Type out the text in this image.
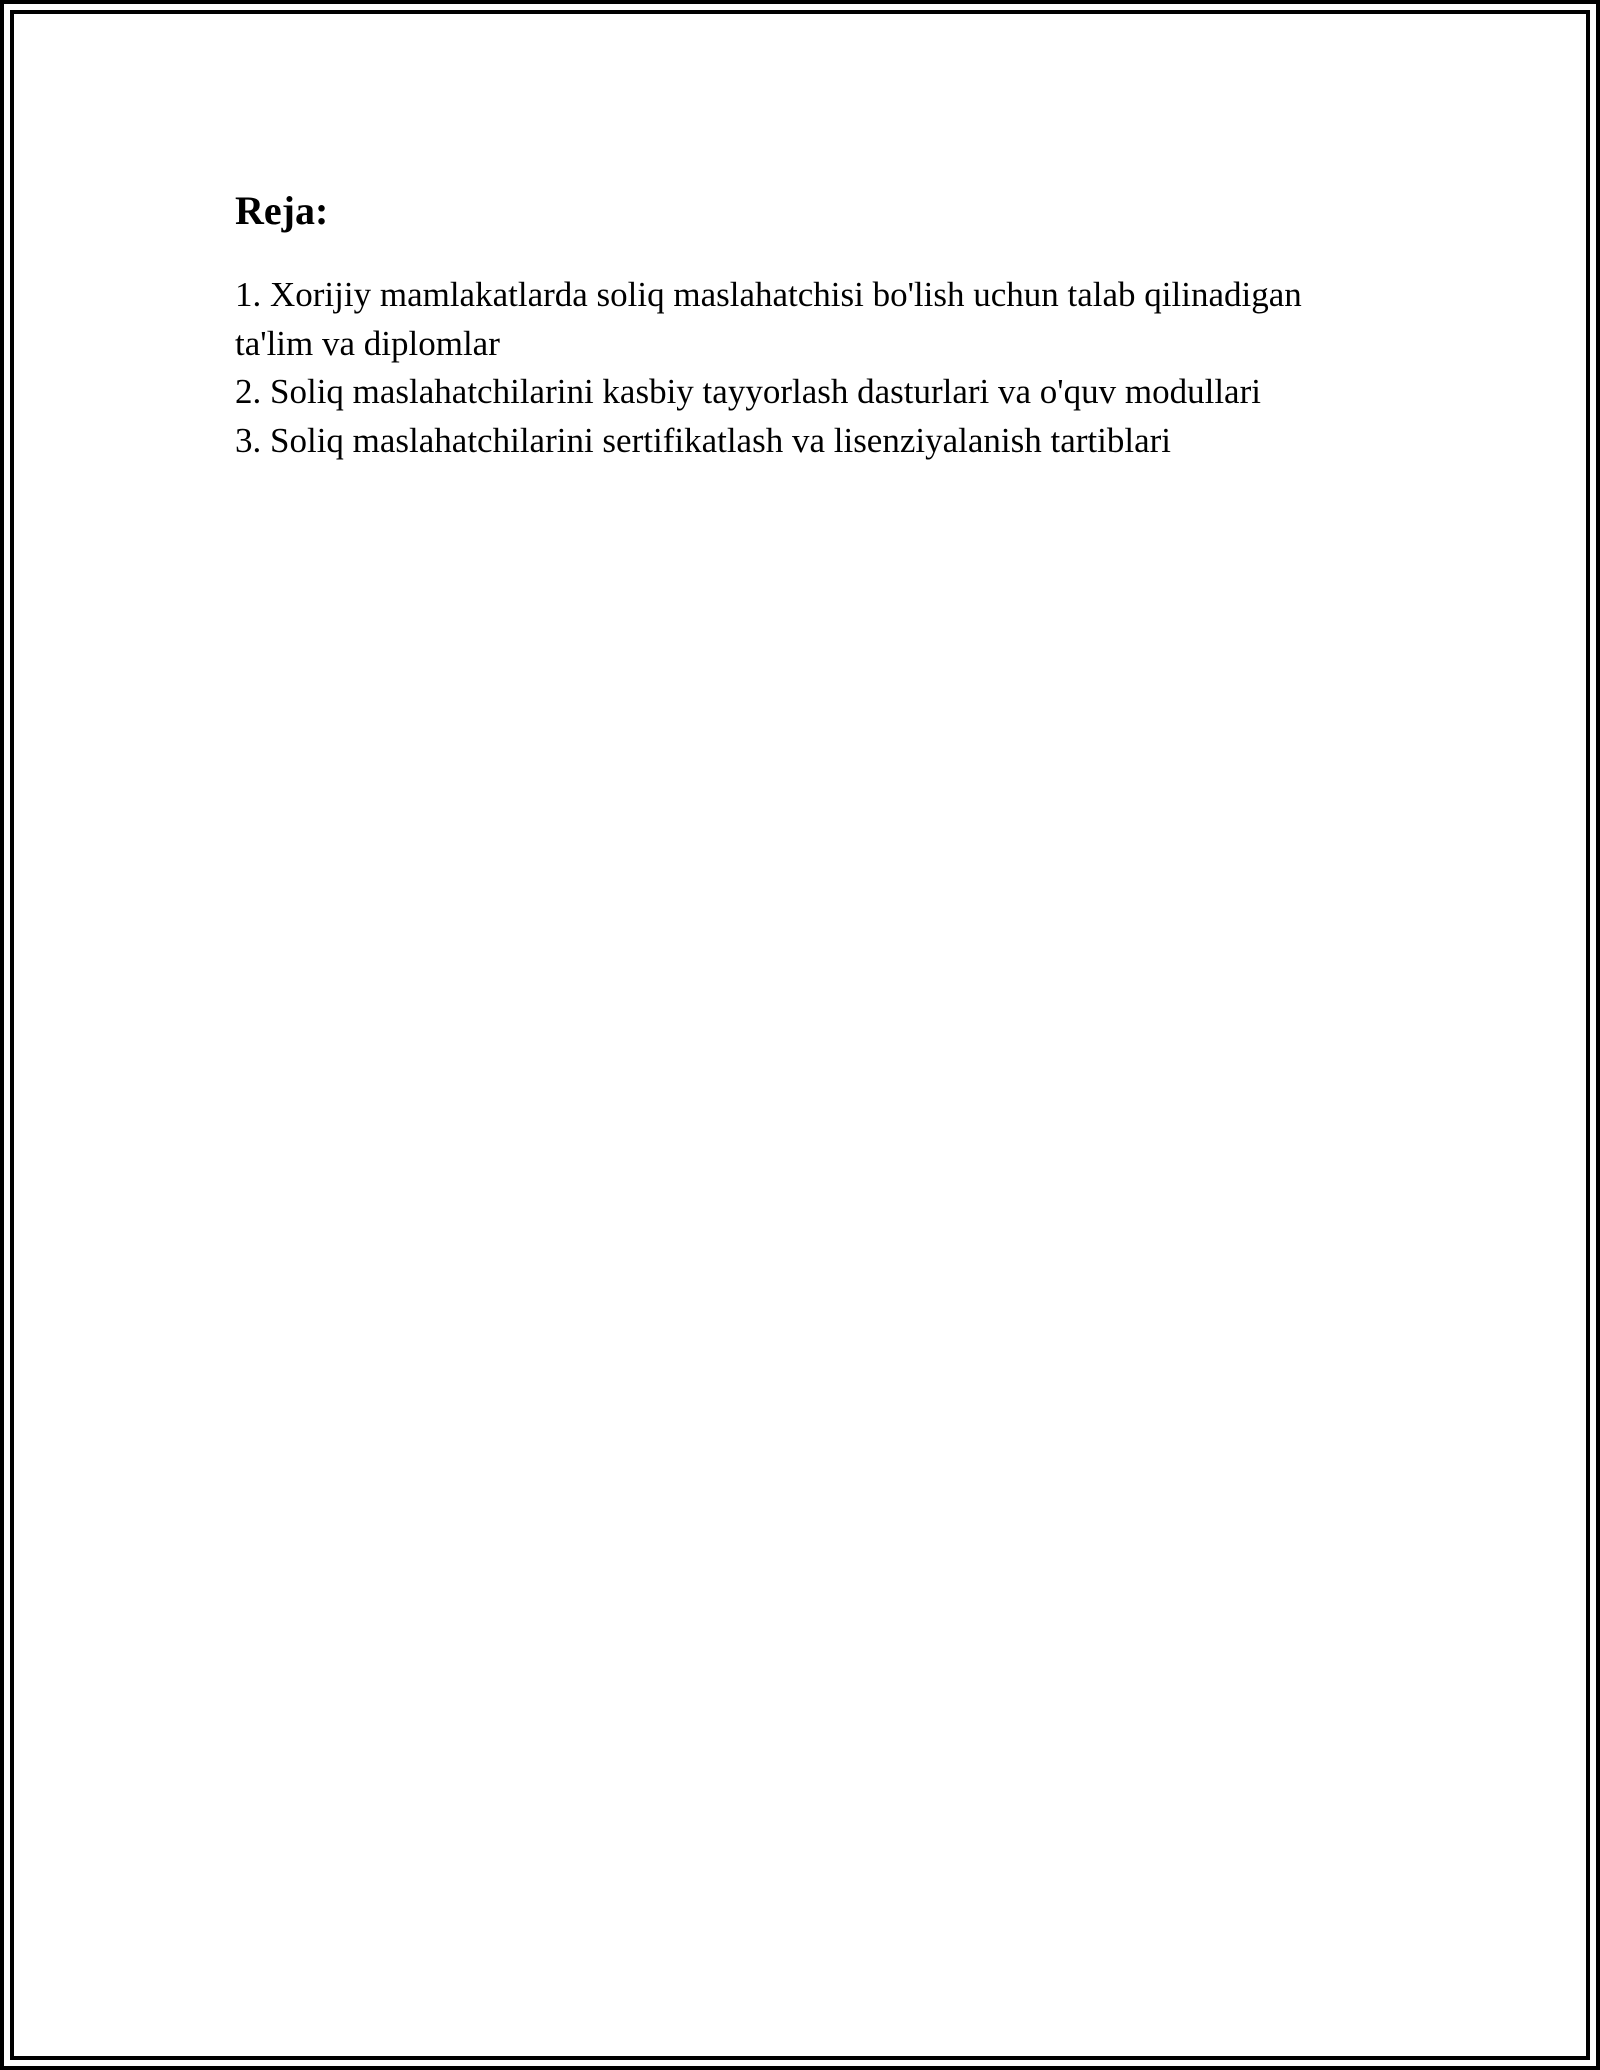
Reja:
1. Xorijiy mamlakatlarda soliq maslahatchisi bo'lish uchun talab qilinadigan ta'lim va diplomlar
2. Soliq maslahatchilarini kasbiy tayyorlash dasturlari va o'quv modullari
3. Soliq maslahatchilarini sertifikatlash va lisenziyalanish tartiblari
